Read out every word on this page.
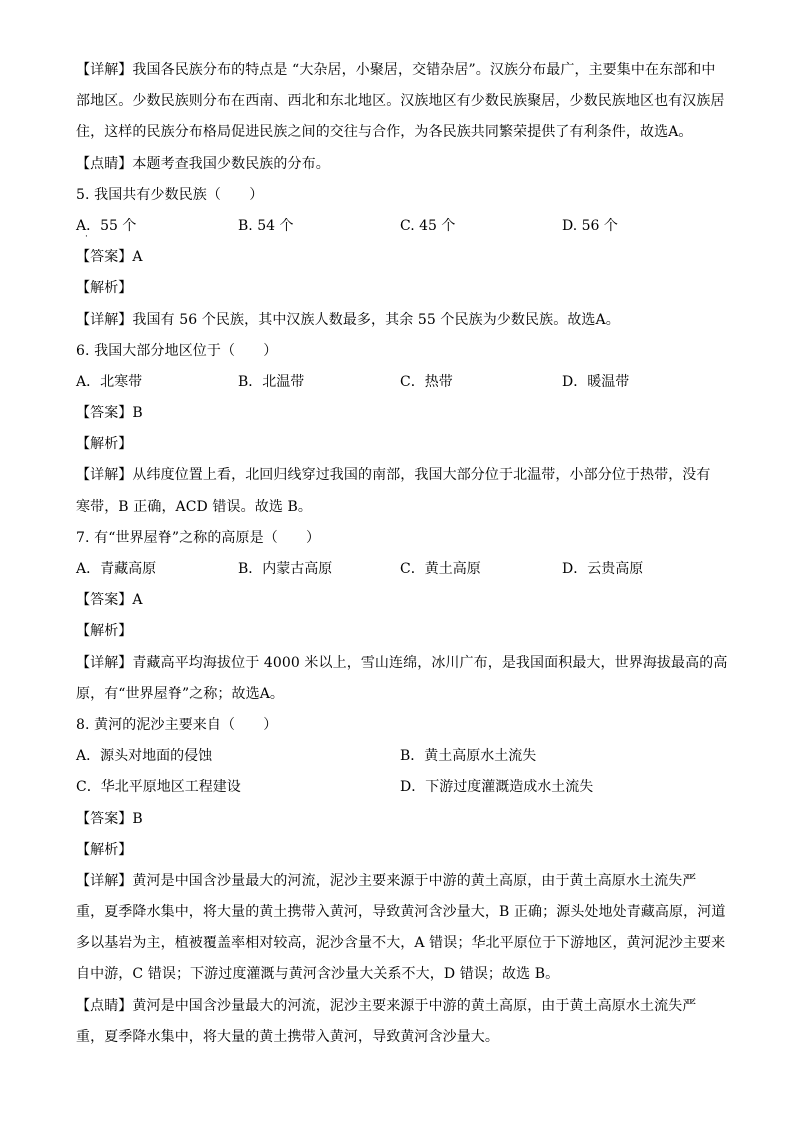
【详解】我国各民族分布的特点是 “大杂居，小聚居，交错杂居”。汉族分布最广，主要集中在东部和中
部地区。少数民族则分布在西南、西北和东北地区。汉族地区有少数民族聚居，少数民族地区也有汉族居
住，这样的民族分布格局促进民族之间的交往与合作，为各民族共同繁荣提供了有利条件，故选A。
【点睛】本题考查我国少数民族的分布。
5. 我国共有少数民族（　　）
A．55 个
·
B. 54 个	C. 45 个	D. 56 个
【答案】A
【解析】
【详解】我国有 56 个民族，其中汉族人数最多，其余 55 个民族为少数民族。故选A。
6. 我国大部分地区位于（　　）
A．北寒带	B．北温带	C．热带	D．暖温带
【答案】B
【解析】
【详解】从纬度位置上看，北回归线穿过我国的南部，我国大部分位于北温带，小部分位于热带，没有
寒带，B 正确，ACD 错误。故选 B。
7. 有“世界屋脊”之称的高原是（　　）
A．青藏高原	B．内蒙古高原	C．黄土高原	D．云贵高原
【答案】A
【解析】
【详解】青藏高平均海拔位于 4000 米以上，雪山连绵，冰川广布，是我国面积最大，世界海拔最高的高
原，有“世界屋脊”之称；故选A。
8. 黄河的泥沙主要来自（　　）
A．源头对地面的侵蚀	B．黄土高原水土流失
C．华北平原地区工程建设	D．下游过度灌溉造成水土流失
【答案】B
【解析】
【详解】黄河是中国含沙量最大的河流，泥沙主要来源于中游的黄土高原，由于黄土高原水土流失严
重，夏季降水集中，将大量的黄土携带入黄河，导致黄河含沙量大，B 正确；源头处地处青藏高原，河道
多以基岩为主，植被覆盖率相对较高，泥沙含量不大，A 错误；华北平原位于下游地区，黄河泥沙主要来
自中游，C 错误；下游过度灌溉与黄河含沙量大关系不大，D 错误；故选 B。
【点睛】黄河是中国含沙量最大的河流，泥沙主要来源于中游的黄土高原，由于黄土高原水土流失严
重，夏季降水集中，将大量的黄土携带入黄河，导致黄河含沙量大。
